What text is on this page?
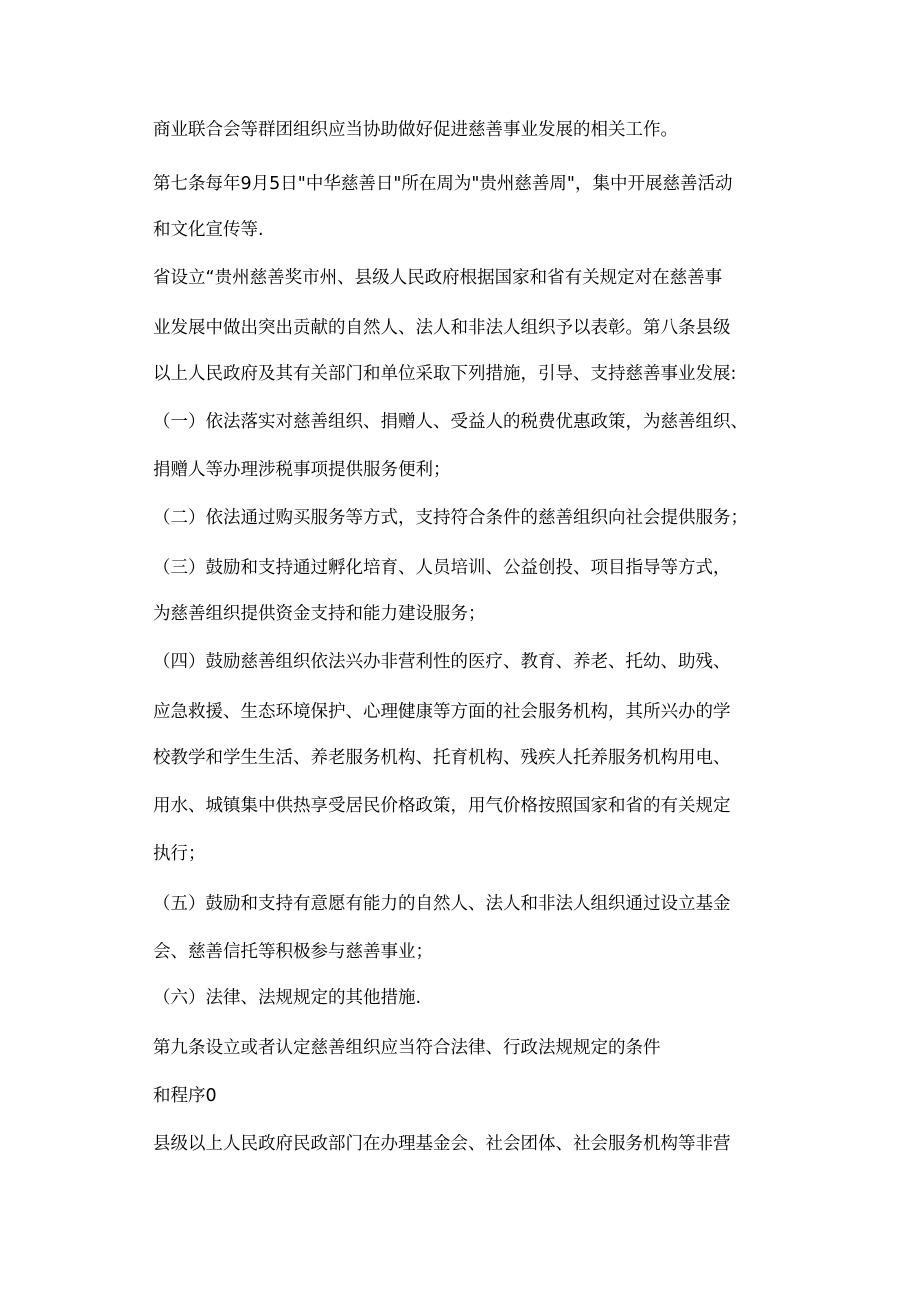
商业联合会等群团组织应当协助做好促进慈善事业发展的相关工作。
第七条每年9月5日"中华慈善日"所在周为"贵州慈善周"，集中开展慈善活动
和文化宣传等.
省设立“贵州慈善奖市州、县级人民政府根据国家和省有关规定对在慈善事
业发展中做出突出贡献的自然人、法人和非法人组织予以表彰。第八条县级
以上人民政府及其有关部门和单位采取下列措施，引导、支持慈善事业发展:
（一）依法落实对慈善组织、捐赠人、受益人的税费优惠政策，为慈善组织、
捐赠人等办理涉税事项提供服务便利；
（二）依法通过购买服务等方式，支持符合条件的慈善组织向社会提供服务；
（三）鼓励和支持通过孵化培育、人员培训、公益创投、项目指导等方式，
为慈善组织提供资金支持和能力建设服务；
（四）鼓励慈善组织依法兴办非营利性的医疗、教育、养老、托幼、助残、
应急救援、生态环境保护、心理健康等方面的社会服务机构，其所兴办的学
校教学和学生生活、养老服务机构、托育机构、残疾人托养服务机构用电、
用水、城镇集中供热享受居民价格政策，用气价格按照国家和省的有关规定
执行；
（五）鼓励和支持有意愿有能力的自然人、法人和非法人组织通过设立基金
会、慈善信托等积极参与慈善事业；
（六）法律、法规规定的其他措施.
第九条设立或者认定慈善组织应当符合法律、行政法规规定的条件
和程序0
县级以上人民政府民政部门在办理基金会、社会团体、社会服务机构等非营
